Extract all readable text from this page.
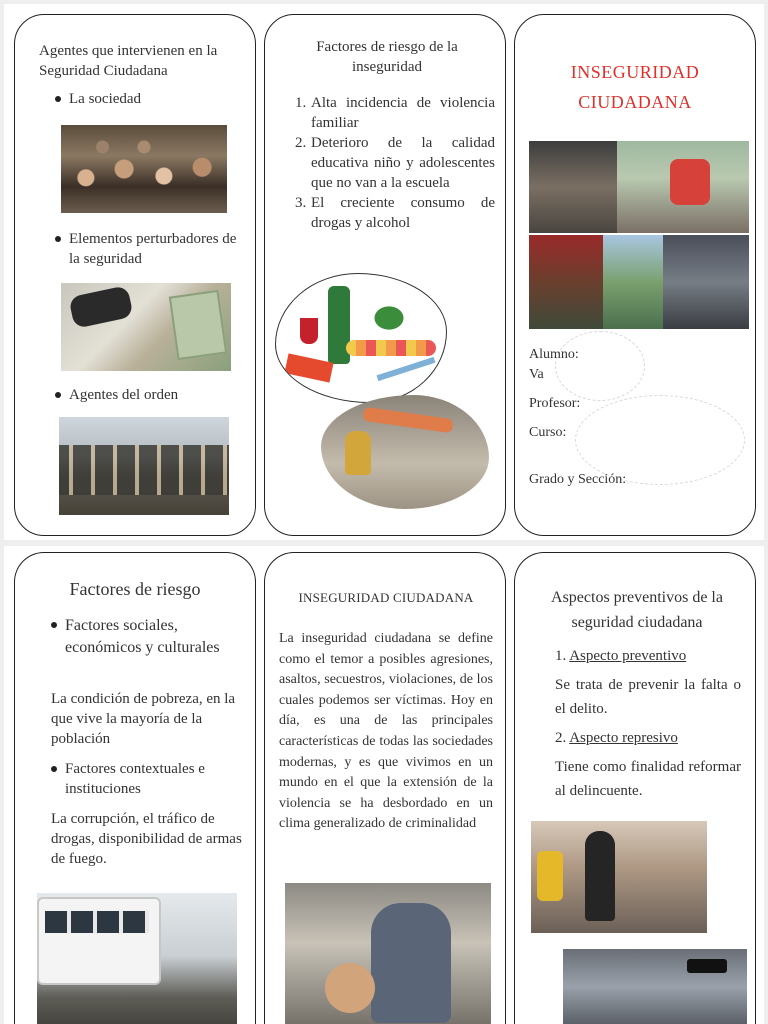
Agentes que intervienen en la Seguridad Ciudadana
La sociedad
Elementos perturbadores de la seguridad
Agentes del orden
Factores de riesgo de la inseguridad
1. Alta incidencia de violencia familiar
2. Deterioro de la calidad educativa niño y adolescentes que no van a la escuela
3. El creciente consumo de drogas y alcohol
INSEGURIDAD
CIUDADANA
Alumno:
Va
Profesor:
Curso:
Grado y Sección:
Factores de riesgo
Factores sociales, económicos y culturales
La condición de pobreza, en la que vive la mayoría de la población
Factores contextuales e instituciones
La corrupción, el tráfico de drogas, disponibilidad de armas de fuego.
INSEGURIDAD CIUDADANA
La inseguridad ciudadana se define como el temor a posibles agresiones, asaltos, secuestros, violaciones, de los cuales podemos ser víctimas. Hoy en día, es una de las principales características de todas las sociedades modernas, y es que vivimos en un mundo en el que la extensión de la violencia se ha desbordado en un clima generalizado de criminalidad
Aspectos preventivos de la seguridad ciudadana
1. Aspecto preventivo
Se trata de prevenir la falta o el delito.
2. Aspecto represivo
Tiene como finalidad reformar al delincuente.
